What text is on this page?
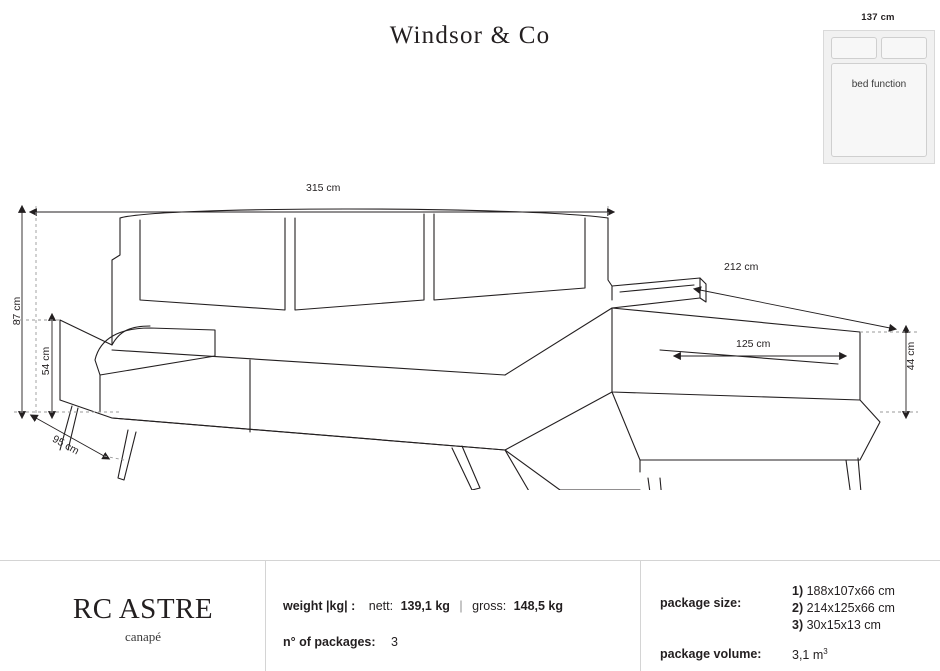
Windsor & Co
137 cm
bed function
315 cm
212 cm
125 cm
87 cm
54 cm
95 cm
44 cm
RC ASTRE
canapé
weight |kg| : nett: 139,1 kg | gross: 148,5 kg
n° of packages: 3
package size:
1) 188x107x66 cm
2) 214x125x66 cm
3) 30x15x13 cm
package volume: 3,1 $m^3$
